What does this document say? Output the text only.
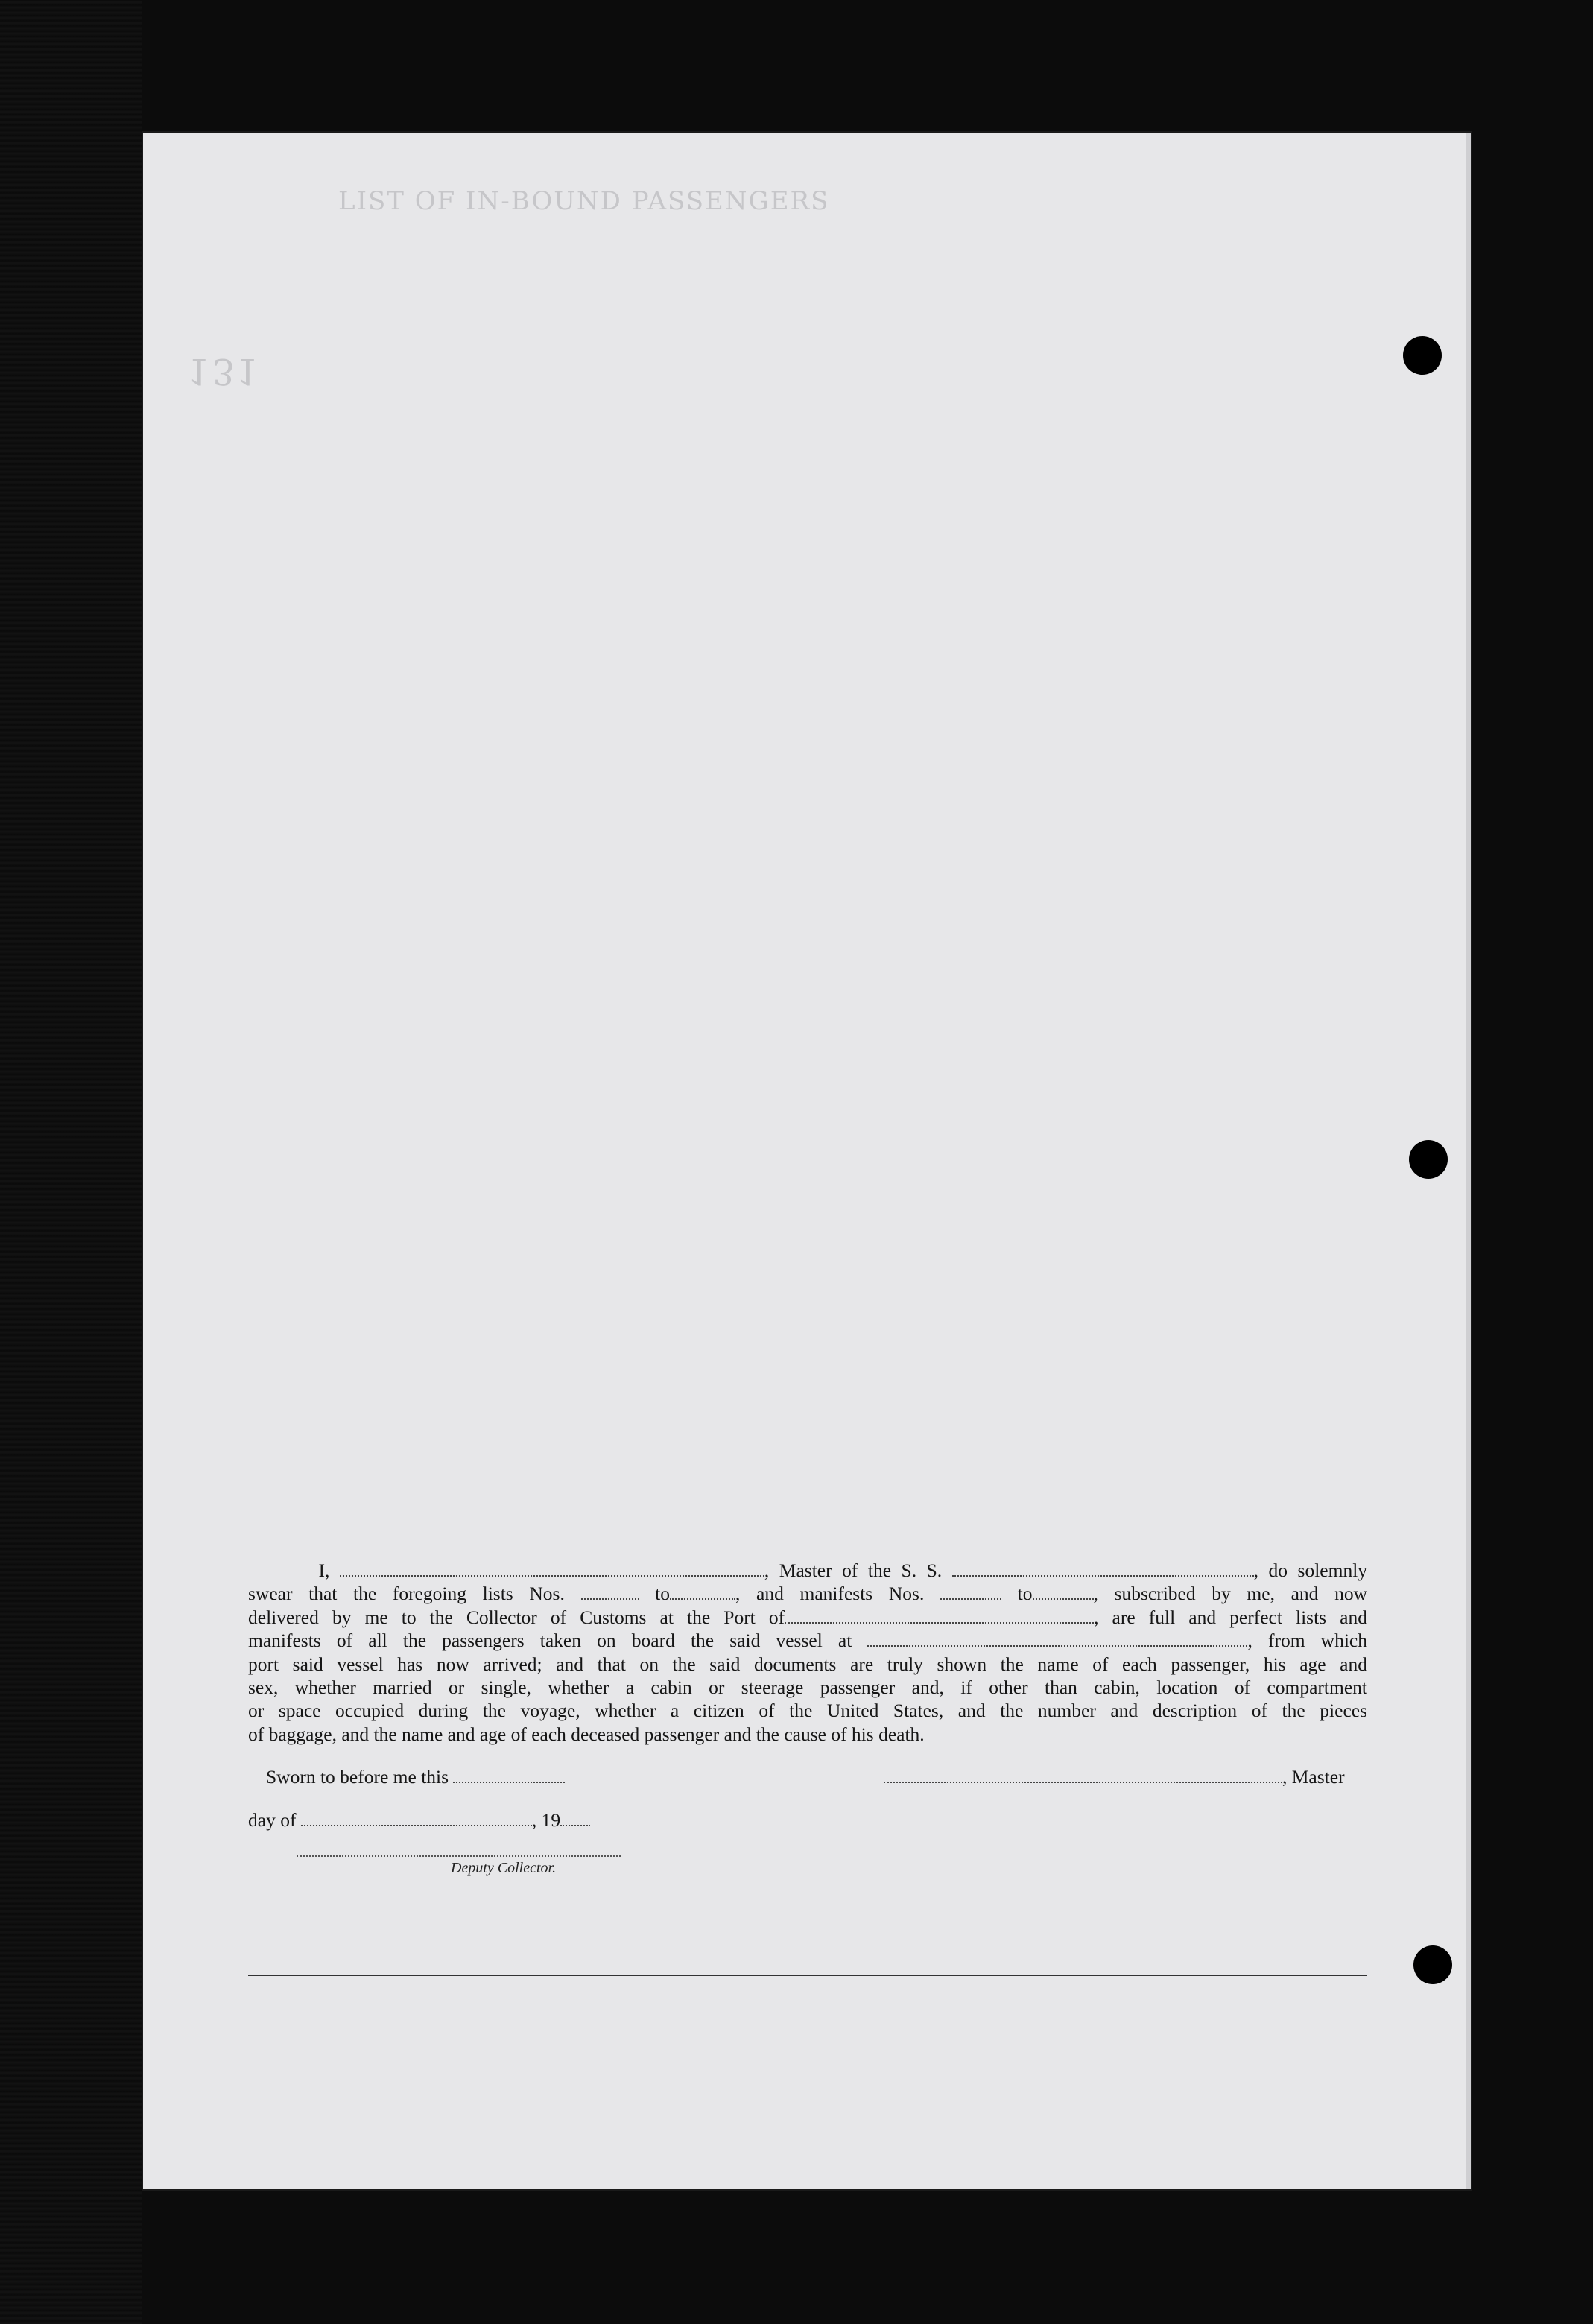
LIST OF IN-BOUND PASSENGERS
131
I,	, Master of the S. S.	, do solemnly
swear that the foregoing lists Nos.	to	, and manifests Nos.	to	, subscribed by me, and now
delivered by me to the Collector of Customs at the Port of	, are full and perfect lists and
manifests of all the passengers taken on board the said vessel at	, from which
port said vessel has now arrived; and that on the said documents are truly shown the name of each passenger, his age and
sex, whether married or single, whether a cabin or steerage passenger and, if other than cabin, location of compartment
or space occupied during the voyage, whether a citizen of the United States, and the number and description of the pieces
of baggage, and the name and age of each deceased passenger and the cause of his death.
Sworn to before me this	, Master
day of	, 19
Deputy Collector.
